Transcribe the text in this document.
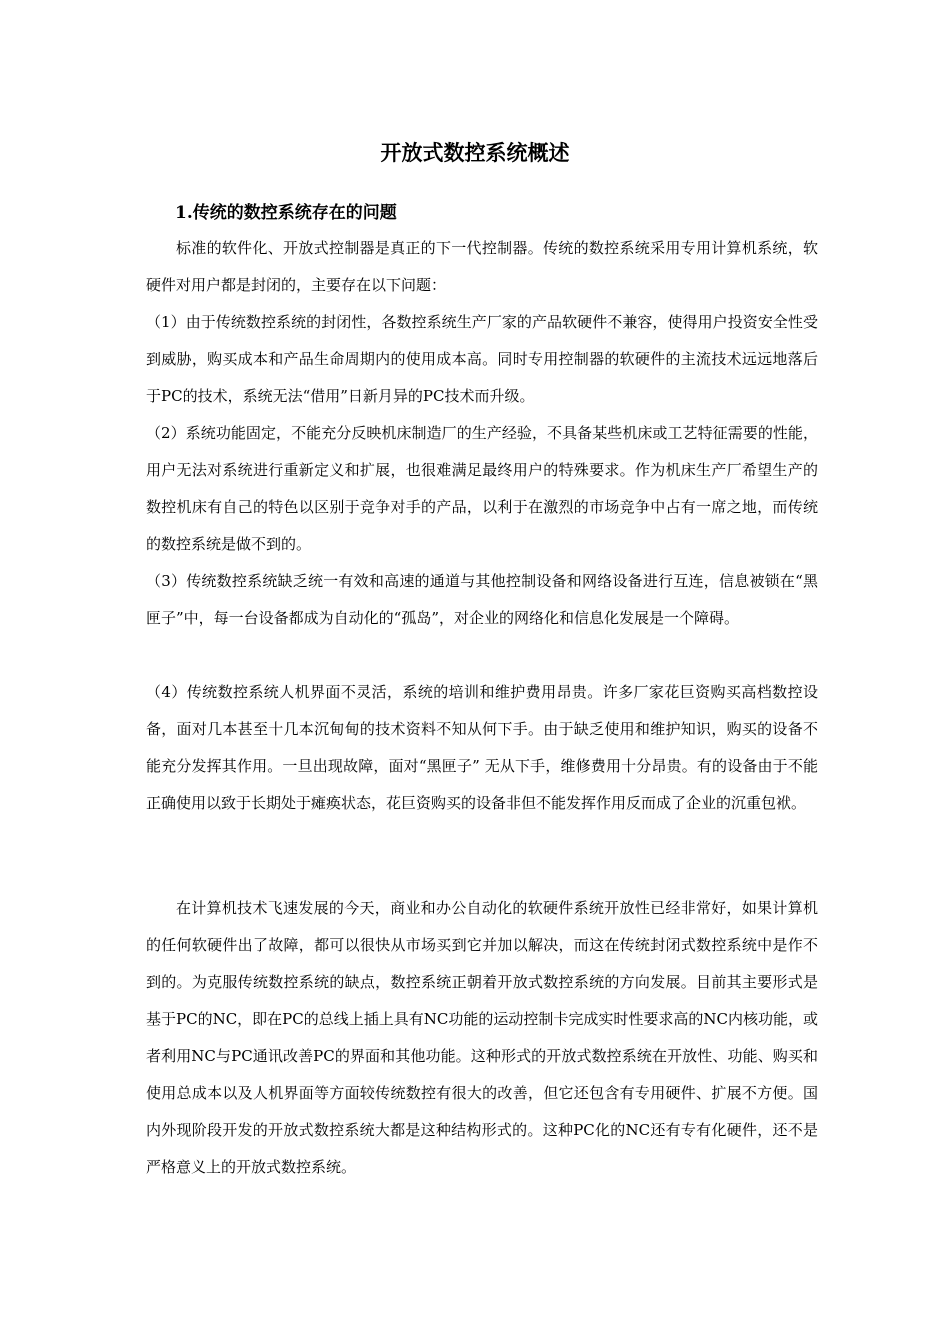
开放式数控系统概述
1.传统的数控系统存在的问题

标准的软件化、开放式控制器是真正的下一代控制器。传统的数控系统采用专用计算机系统，软硬件对用户都是封闭的，主要存在以下问题：

（1）由于传统数控系统的封闭性，各数控系统生产厂家的产品软硬件不兼容，使得用户投资安全性受到威胁，购买成本和产品生命周期内的使用成本高。同时专用控制器的软硬件的主流技术远远地落后于PC的技术，系统无法“借用”日新月异的PC技术而升级。

（2）系统功能固定，不能充分反映机床制造厂的生产经验，不具备某些机床或工艺特征需要的性能，用户无法对系统进行重新定义和扩展，也很难满足最终用户的特殊要求。作为机床生产厂希望生产的数控机床有自己的特色以区别于竞争对手的产品，以利于在激烈的市场竞争中占有一席之地，而传统的数控系统是做不到的。

（3）传统数控系统缺乏统一有效和高速的通道与其他控制设备和网络设备进行互连，信息被锁在“黑匣子”中，每一台设备都成为自动化的“孤岛”，对企业的网络化和信息化发展是一个障碍。

（4）传统数控系统人机界面不灵活，系统的培训和维护费用昂贵。许多厂家花巨资购买高档数控设备，面对几本甚至十几本沉甸甸的技术资料不知从何下手。由于缺乏使用和维护知识，购买的设备不能充分发挥其作用。一旦出现故障，面对“黑匣子” 无从下手，维修费用十分昂贵。有的设备由于不能正确使用以致于长期处于瘫痪状态，花巨资购买的设备非但不能发挥作用反而成了企业的沉重包袱。

在计算机技术飞速发展的今天，商业和办公自动化的软硬件系统开放性已经非常好，如果计算机的任何软硬件出了故障，都可以很快从市场买到它并加以解决，而这在传统封闭式数控系统中是作不到的。为克服传统数控系统的缺点，数控系统正朝着开放式数控系统的方向发展。目前其主要形式是基于PC的NC，即在PC的总线上插上具有NC功能的运动控制卡完成实时性要求高的NC内核功能，或者利用NC与PC通讯改善PC的界面和其他功能。这种形式的开放式数控系统在开放性、功能、购买和使用总成本以及人机界面等方面较传统数控有很大的改善，但它还包含有专用硬件、扩展不方便。国内外现阶段开发的开放式数控系统大都是这种结构形式的。这种PC化的NC还有专有化硬件，还不是严格意义上的开放式数控系统。
